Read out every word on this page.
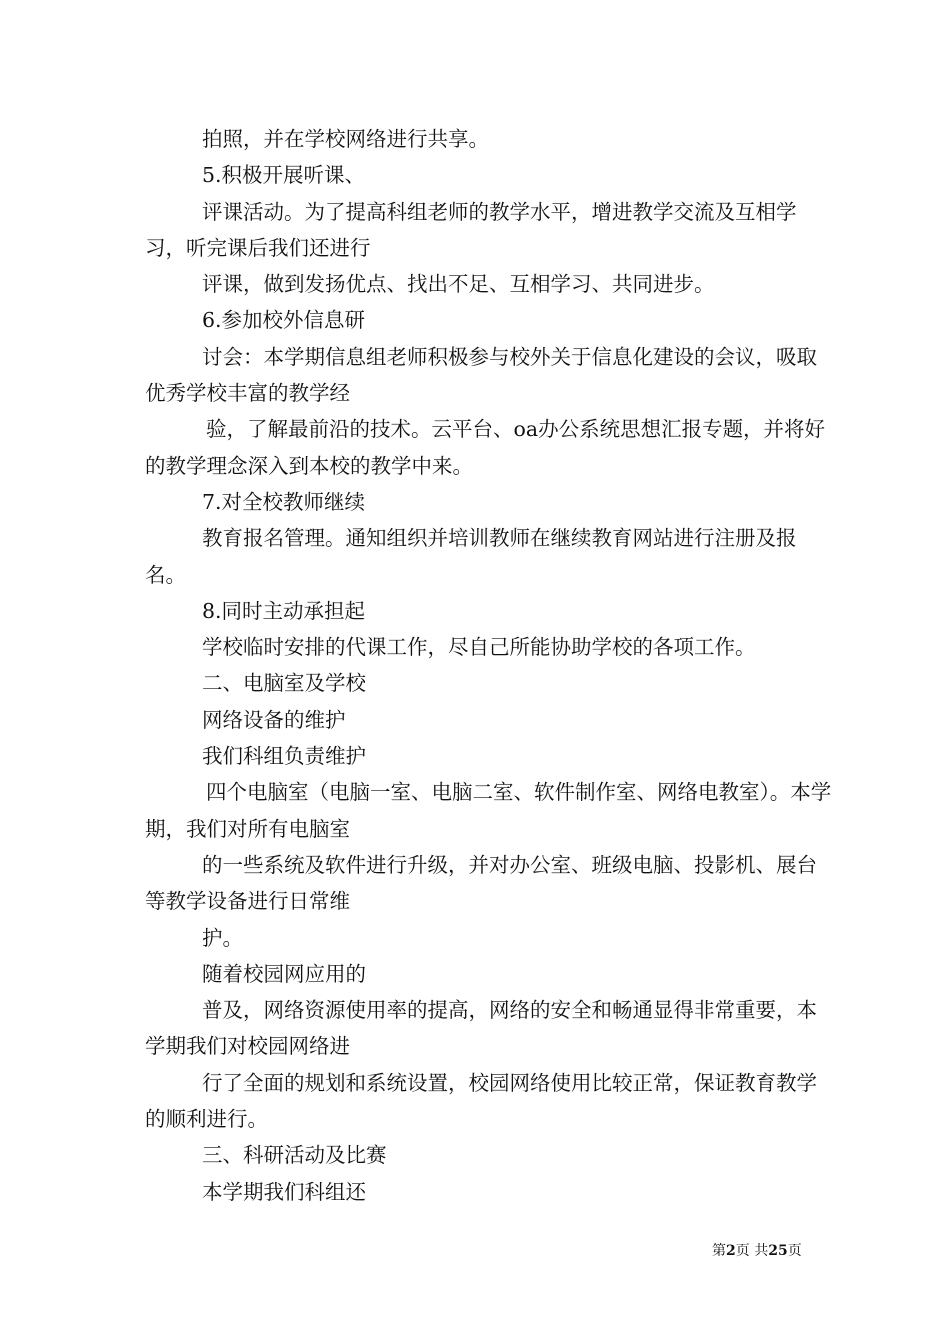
拍照，并在学校网络进行共享。

5.积极开展听课、

评课活动。为了提高科组老师的教学水平，增进教学交流及互相学习，听完课后我们还进行

评课，做到发扬优点、找出不足、互相学习、共同进步。

6.参加校外信息研

讨会：本学期信息组老师积极参与校外关于信息化建设的会议，吸取优秀学校丰富的教学经

验，了解最前沿的技术。云平台、oa办公系统思想汇报专题，并将好的教学理念深入到本校的教学中来。

7.对全校教师继续

教育报名管理。通知组织并培训教师在继续教育网站进行注册及报名。

8.同时主动承担起

学校临时安排的代课工作，尽自己所能协助学校的各项工作。

二、电脑室及学校

网络设备的维护

我们科组负责维护

四个电脑室（电脑一室、电脑二室、软件制作室、网络电教室）。本学期，我们对所有电脑室

的一些系统及软件进行升级，并对办公室、班级电脑、投影机、展台等教学设备进行日常维

护。

随着校园网应用的

普及，网络资源使用率的提高，网络的安全和畅通显得非常重要，本学期我们对校园网络进

行了全面的规划和系统设置，校园网络使用比较正常，保证教育教学的顺利进行。

三、科研活动及比赛

本学期我们科组还

第2页 共25页
